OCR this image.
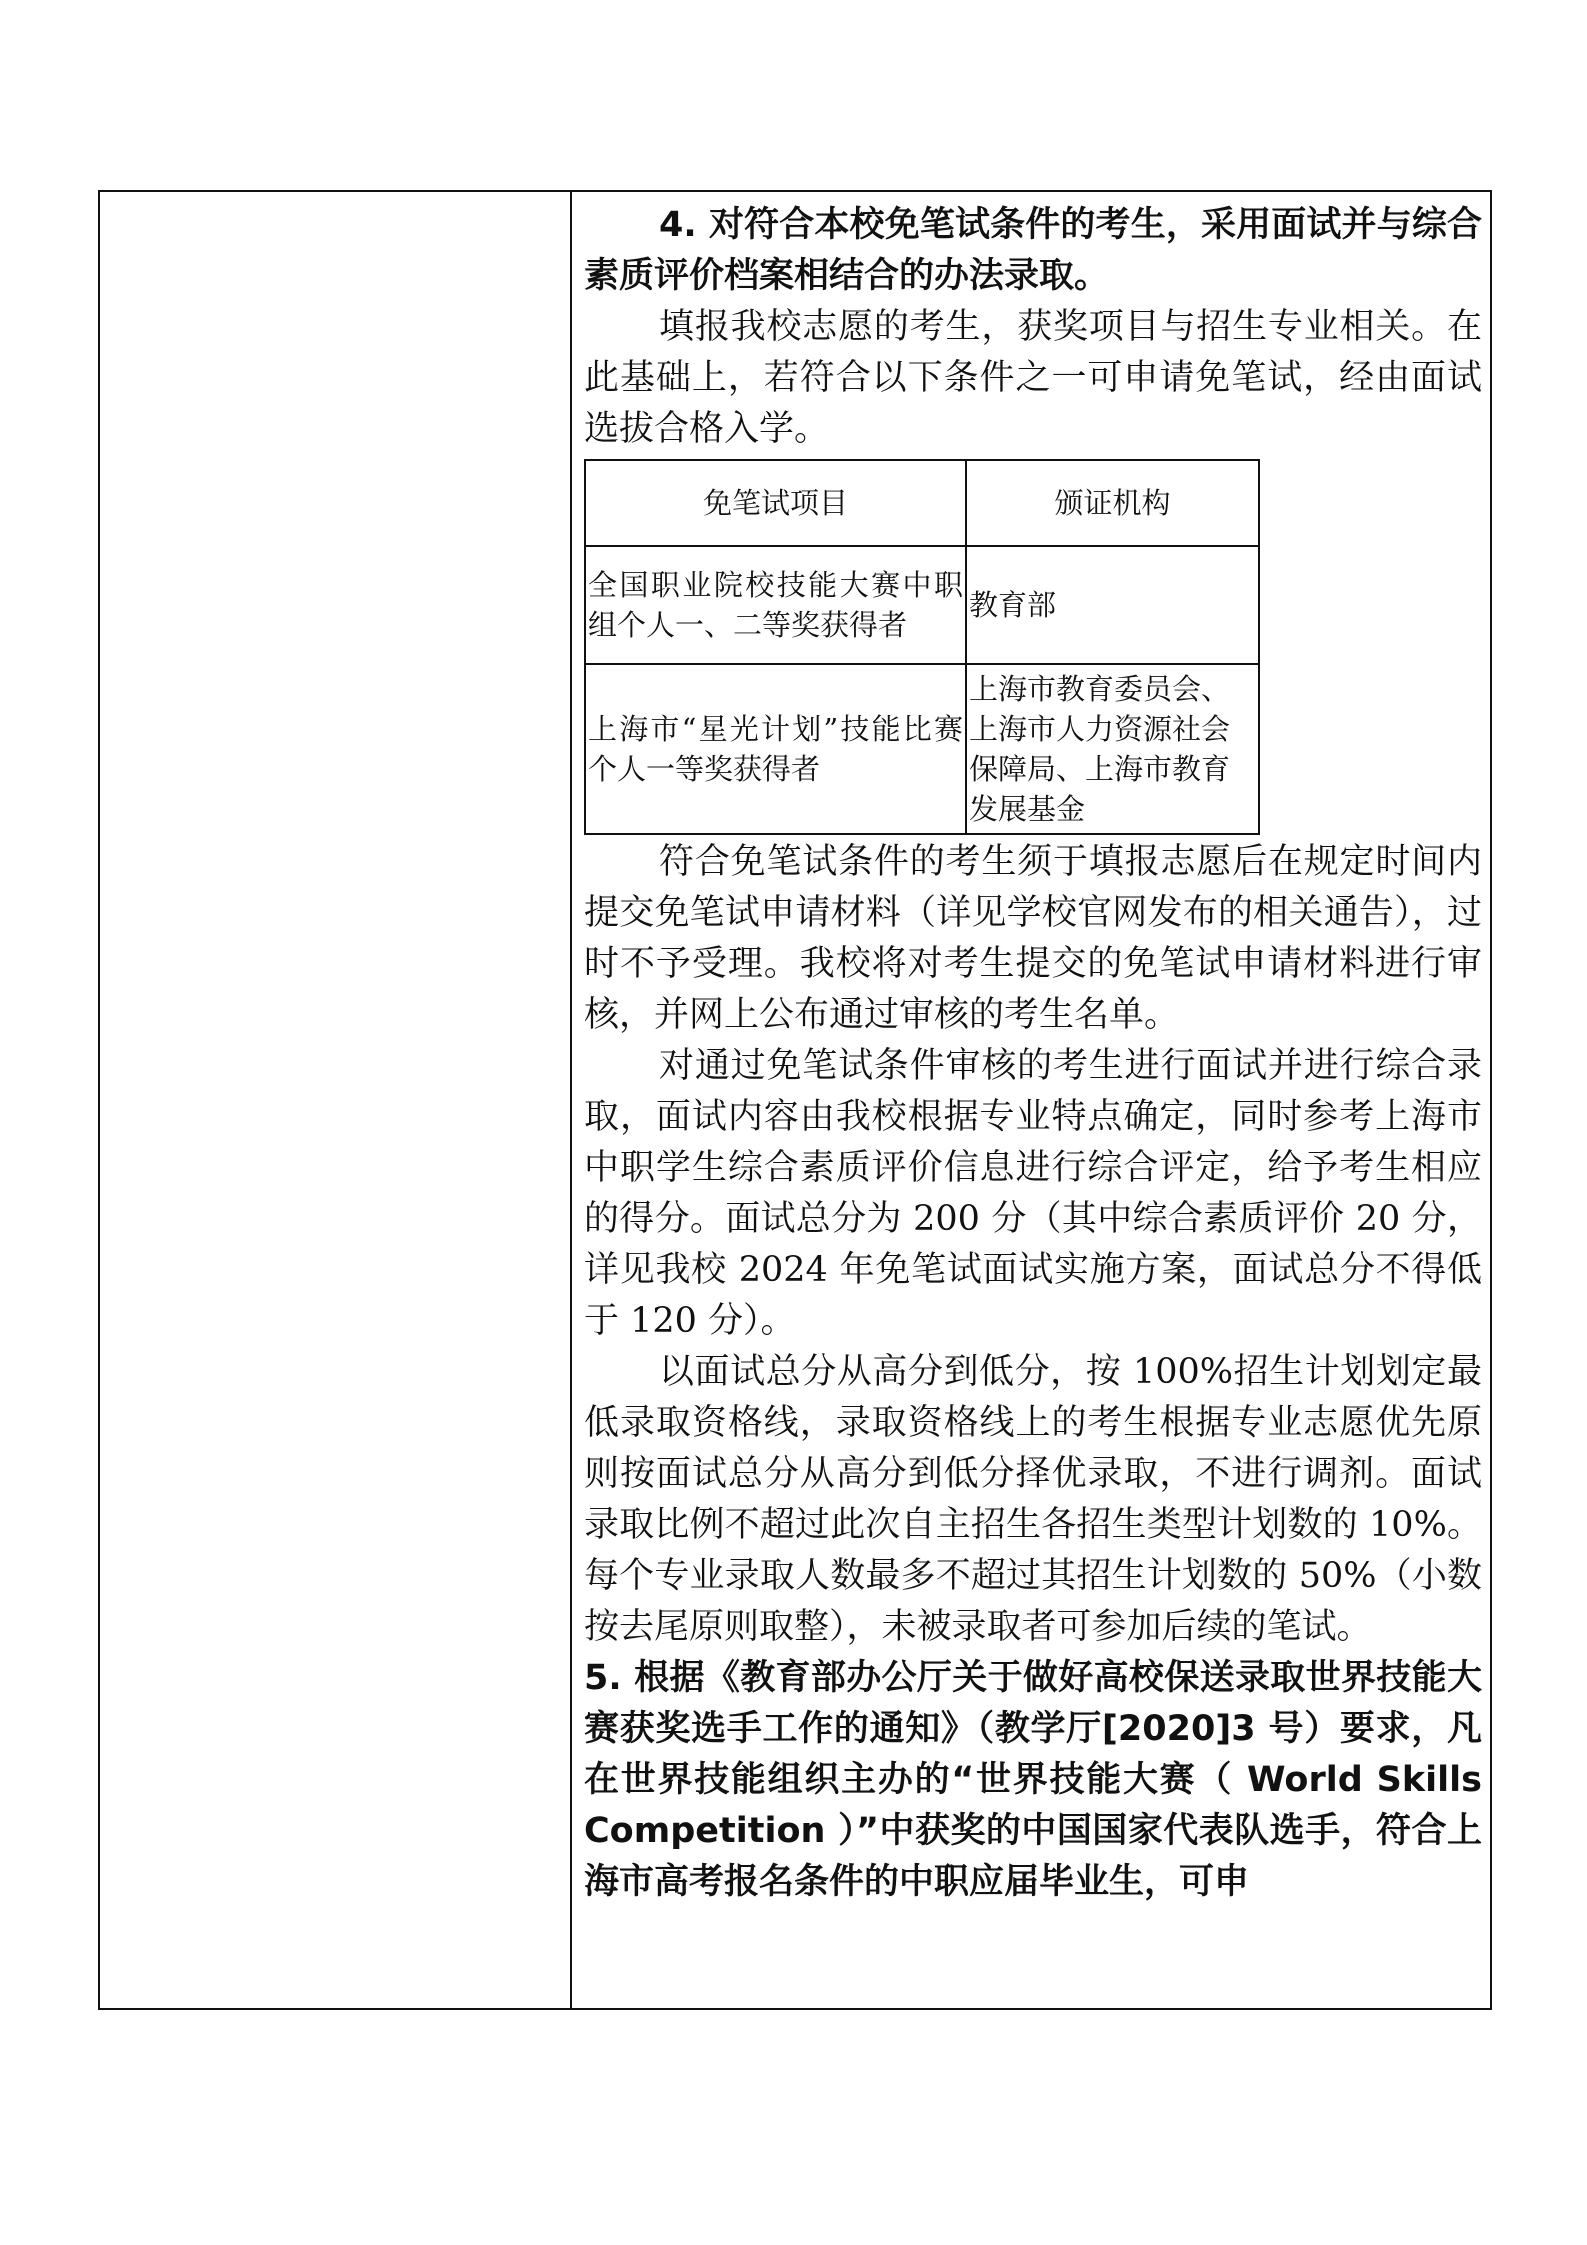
4. 对符合本校免笔试条件的考生，采用面试并与综合素质评价档案相结合的办法录取。

填报我校志愿的考生，获奖项目与招生专业相关。在此基础上，若符合以下条件之一可申请免笔试，经由面试选拔合格入学。

免笔试项目	颁证机构
全国职业院校技能大赛中职组个人一、二等奖获得者	教育部
上海市“星光计划”技能比赛个人一等奖获得者	上海市教育委员会、上海市人力资源社会保障局、上海市教育发展基金

符合免笔试条件的考生须于填报志愿后在规定时间内提交免笔试申请材料（详见学校官网发布的相关通告），过时不予受理。我校将对考生提交的免笔试申请材料进行审核，并网上公布通过审核的考生名单。

对通过免笔试条件审核的考生进行面试并进行综合录取，面试内容由我校根据专业特点确定，同时参考上海市中职学生综合素质评价信息进行综合评定，给予考生相应的得分。面试总分为 200 分（其中综合素质评价 20 分，详见我校 2024 年免笔试面试实施方案，面试总分不得低于 120 分）。

以面试总分从高分到低分，按 100%招生计划划定最低录取资格线，录取资格线上的考生根据专业志愿优先原则按面试总分从高分到低分择优录取，不进行调剂。面试录取比例不超过此次自主招生各招生类型计划数的 10%。每个专业录取人数最多不超过其招生计划数的 50%（小数按去尾原则取整），未被录取者可参加后续的笔试。

5. 根据《教育部办公厅关于做好高校保送录取世界技能大赛获奖选手工作的通知》（教学厅[2020]3 号）要求，凡在世界技能组织主办的“世界技能大赛（ World Skills Competition ）”中获奖的中国国家代表队选手，符合上海市高考报名条件的中职应届毕业生，可申
